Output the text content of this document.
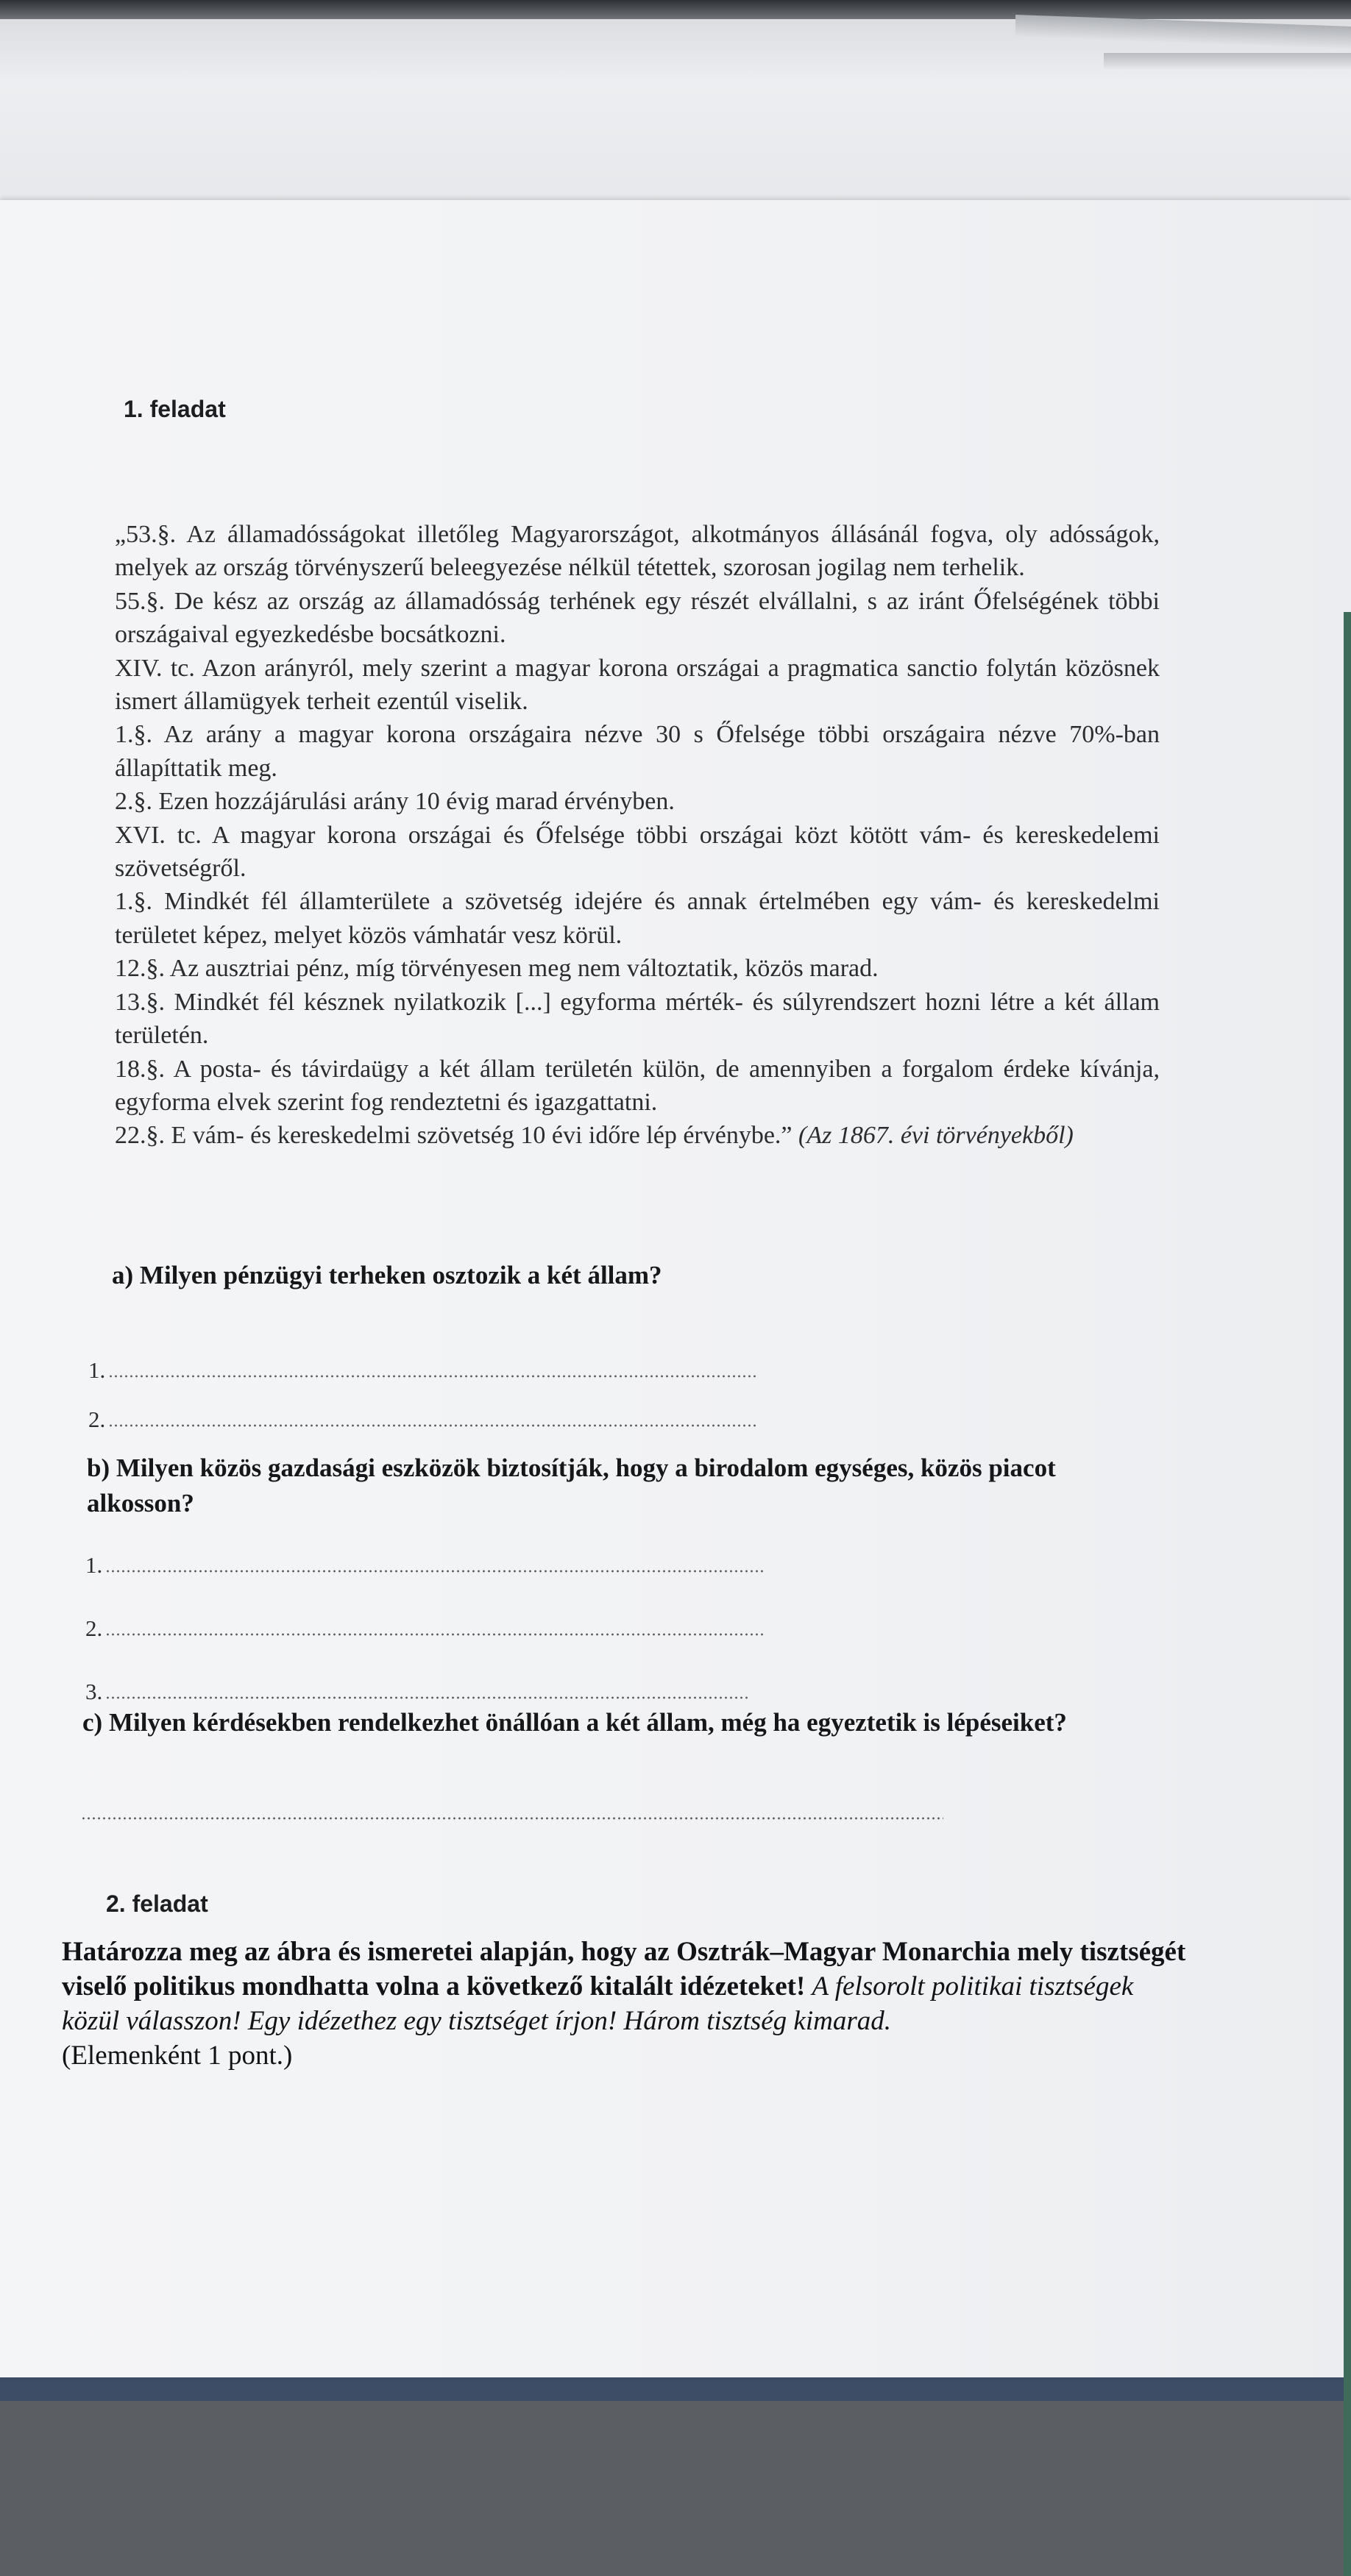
1. feladat

„53.§. Az államadósságokat illetőleg Magyarországot, alkotmányos állásánál fogva, oly adósságok, melyek az ország törvényszerű beleegyezése nélkül tétettek, szorosan jogilag nem terhelik.

55.§. De kész az ország az államadósság terhének egy részét elvállalni, s az iránt Őfelségének többi országaival egyezkedésbe bocsátkozni.

XIV. tc. Azon arányról, mely szerint a magyar korona országai a pragmatica sanctio folytán közösnek ismert államügyek terheit ezentúl viselik.

1.§. Az arány a magyar korona országaira nézve 30 s Őfelsége többi országaira nézve 70%-ban állapíttatik meg.

2.§. Ezen hozzájárulási arány 10 évig marad érvényben.

XVI. tc. A magyar korona országai és Őfelsége többi országai közt kötött vám- és kereskedelemi szövetségről.

1.§. Mindkét fél államterülete a szövetség idejére és annak értelmében egy vám- és kereskedelmi területet képez, melyet közös vámhatár vesz körül.

12.§. Az ausztriai pénz, míg törvényesen meg nem változtatik, közös marad.

13.§. Mindkét fél késznek nyilatkozik [...] egyforma mérték- és súlyrendszert hozni létre a két állam területén.

18.§. A posta- és távirdaügy a két állam területén külön, de amennyiben a forgalom érdeke kívánja, egyforma elvek szerint fog rendeztetni és igazgattatni.

22.§. E vám- és kereskedelmi szövetség 10 évi időre lép érvénybe.” (Az 1867. évi törvényekből)

a) Milyen pénzügyi terheken osztozik a két állam?
1.
2.
b) Milyen közös gazdasági eszközök biztosítják, hogy a birodalom egységes, közös piacot alkosson?
1.
2.
3.
c) Milyen kérdésekben rendelkezhet önállóan a két állam, még ha egyeztetik is lépéseiket?
2. feladat
Határozza meg az ábra és ismeretei alapján, hogy az Osztrák–Magyar Monarchia mely tisztségét viselő politikus mondhatta volna a következő kitalált idézeteket! A felsorolt politikai tisztségek közül válasszon! Egy idézethez egy tisztséget írjon! Három tisztség kimarad.
(Elemenként 1 pont.)
